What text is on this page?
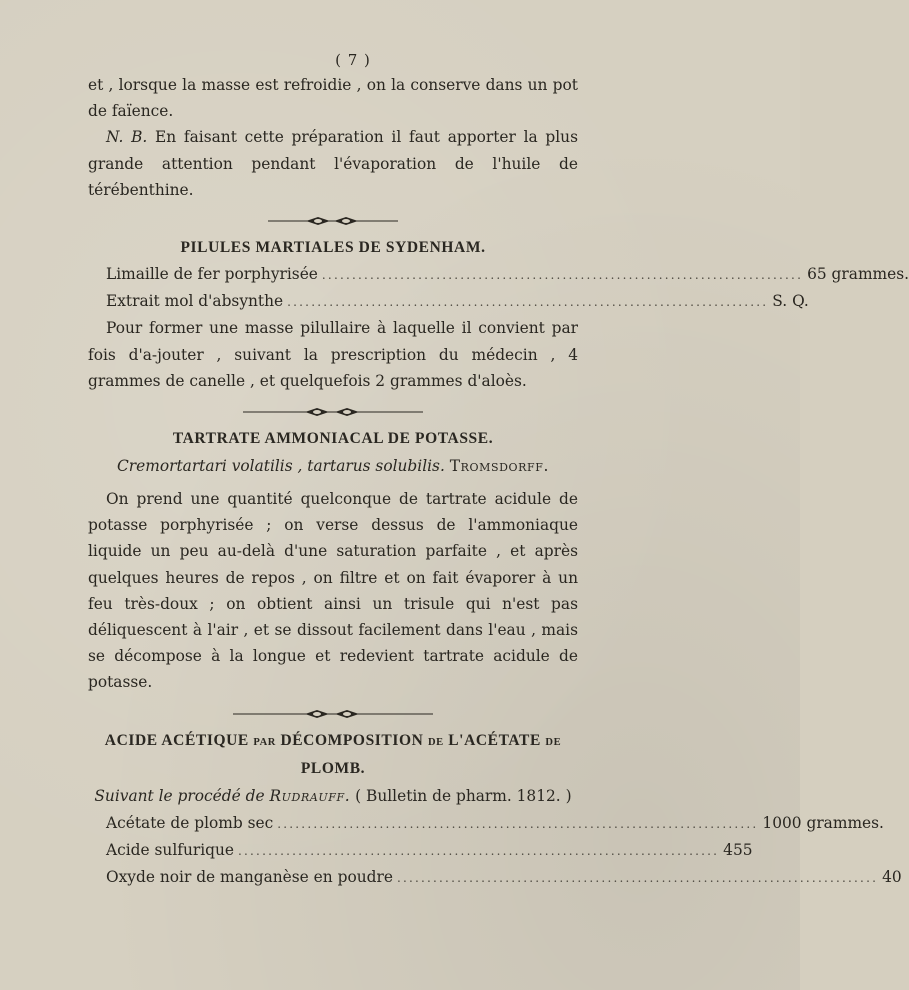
( 7 )

et , lorsque la masse est refroidie , on la conserve dans un pot de faïence.

N. B. En faisant cette préparation il faut apporter la plus grande attention pendant l'évaporation de l'huile de térébenthine.

PILULES MARTIALES DE SYDENHAM.
Limaille de fer porphyrisée ................................................................................ 65 grammes.
Extrait mol d'absynthe ................................................................................ S. Q.

Pour former une masse pilullaire à laquelle il convient par fois d'a-jouter , suivant la prescription du médecin , 4 grammes de canelle , et quelquefois 2 grammes d'aloès.

TARTRATE AMMONIACAL DE POTASSE.
Cremortartari volatilis , tartarus solubilis. Tromsdorff.

On prend une quantité quelconque de tartrate acidule de potasse porphyrisée ; on verse dessus de l'ammoniaque liquide un peu au-delà d'une saturation parfaite , et après quelques heures de repos , on filtre et on fait évaporer à un feu très-doux ; on obtient ainsi un trisule qui n'est pas déliquescent à l'air , et se dissout facilement dans l'eau , mais se décompose à la longue et redevient tartrate acidule de potasse.

ACIDE ACÉTIQUE PAR DÉCOMPOSITION DE L'ACÉTATE DE PLOMB.
Suivant le procédé de Rudrauff. ( Bulletin de pharm. 1812. )
Acétate de plomb sec ................................................................................ 1000 grammes.
Acide sulfurique ................................................................................ 455
Oxyde noir de manganèse en poudre ................................................................................ 40
